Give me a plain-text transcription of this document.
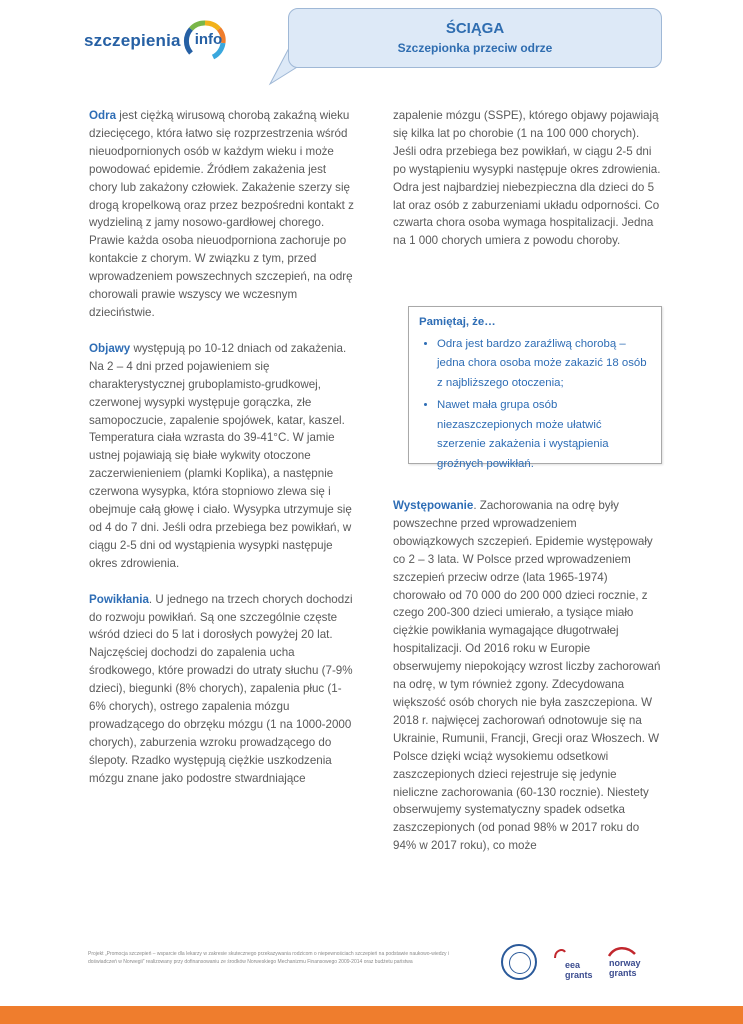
szczepienia info
ŚCIĄGA
Szczepionka przeciw odrze

Odra jest ciężką wirusową chorobą zakaźną wieku dziecięcego, która łatwo się rozprzestrzenia wśród nieuodpornionych osób w każdym wieku i może powodować epidemie. Źródłem zakażenia jest chory lub zakażony człowiek. Zakażenie szerzy się drogą kropelkową oraz przez bezpośredni kontakt z wydzieliną z jamy nosowo-gardłowej chorego. Prawie każda osoba nieuodporniona zachoruje po kontakcie z chorym. W związku z tym, przed wprowadzeniem powszechnych szczepień, na odrę chorowali prawie wszyscy we wczesnym dzieciństwie.

Objawy występują po 10-12 dniach od zakażenia. Na 2 – 4 dni przed pojawieniem się charakterystycznej gruboplamisto-grudkowej, czerwonej wysypki występuje gorączka, złe samopoczucie, zapalenie spojówek, katar, kaszel. Temperatura ciała wzrasta do 39-41°C. W jamie ustnej pojawiają się białe wykwity otoczone zaczerwienieniem (plamki Koplika), a następnie czerwona wysypka, która stopniowo zlewa się i obejmuje całą głowę i ciało. Wysypka utrzymuje się od 4 do 7 dni. Jeśli odra przebiega bez powikłań, w ciągu 2-5 dni od wystąpienia wysypki następuje okres zdrowienia.

Powikłania. U jednego na trzech chorych dochodzi do rozwoju powikłań. Są one szczególnie częste wśród dzieci do 5 lat i dorosłych powyżej 20 lat. Najczęściej dochodzi do zapalenia ucha środkowego, które prowadzi do utraty słuchu (7-9% dzieci), biegunki (8% chorych), zapalenia płuc (1-6% chorych), ostrego zapalenia mózgu prowadzącego do obrzęku mózgu (1 na 1000-2000 chorych), zaburzenia wzroku prowadzącego do ślepoty. Rzadko występują ciężkie uszkodzenia mózgu znane jako podostre stwardniające

zapalenie mózgu (SSPE), którego objawy pojawiają się kilka lat po chorobie (1 na 100 000 chorych). Jeśli odra przebiega bez powikłań, w ciągu 2-5 dni po wystąpieniu wysypki następuje okres zdrowienia. Odra jest najbardziej niebezpieczna dla dzieci do 5 lat oraz osób z zaburzeniami układu odporności. Co czwarta chora osoba wymaga hospitalizacji. Jedna na 1 000 chorych umiera z powodu choroby.

Pamiętaj, że…
• Odra jest bardzo zaraźliwą chorobą – jedna chora osoba może zakazić 18 osób z najbliższego otoczenia;
• Nawet mała grupa osób niezaszczepionych może ułatwić szerzenie zakażenia i wystąpienia groźnych powikłań.

Występowanie. Zachorowania na odrę były powszechne przed wprowadzeniem obowiązkowych szczepień. Epidemie występowały co 2 – 3 lata. W Polsce przed wprowadzeniem szczepień przeciw odrze (lata 1965-1974) chorowało od 70 000 do 200 000 dzieci rocznie, z czego 200-300 dzieci umierało, a tysiące miało ciężkie powikłania wymagające długotrwałej hospitalizacji. Od 2016 roku w Europie obserwujemy niepokojący wzrost liczby zachorowań na odrę, w tym również zgony. Zdecydowana większość osób chorych nie była zaszczepiona. W 2018 r. najwięcej zachorowań odnotowuje się na Ukrainie, Rumunii, Francji, Grecji oraz Włoszech. W Polsce dzięki wciąż wysokiemu odsetkowi zaszczepionych dzieci rejestruje się jedynie nieliczne zachorowania (60-130 rocznie). Niestety obserwujemy systematyczny spadek odsetka zaszczepionych (od ponad 98% w 2017 roku do 94% w 2017 roku), co może

Projekt „Promocja szczepień – wsparcie dla lekarzy w zakresie skutecznego przekazywania rodzicom o niepewnościach szczepień na podstawie naukowo-wiedzy i doświadczeń w Norwegii” realizowany przy dofinansowaniu ze środków Norweskiego Mechanizmu Finansowego 2009-2014 oraz budżetu państwa	eea grants
norway grants
